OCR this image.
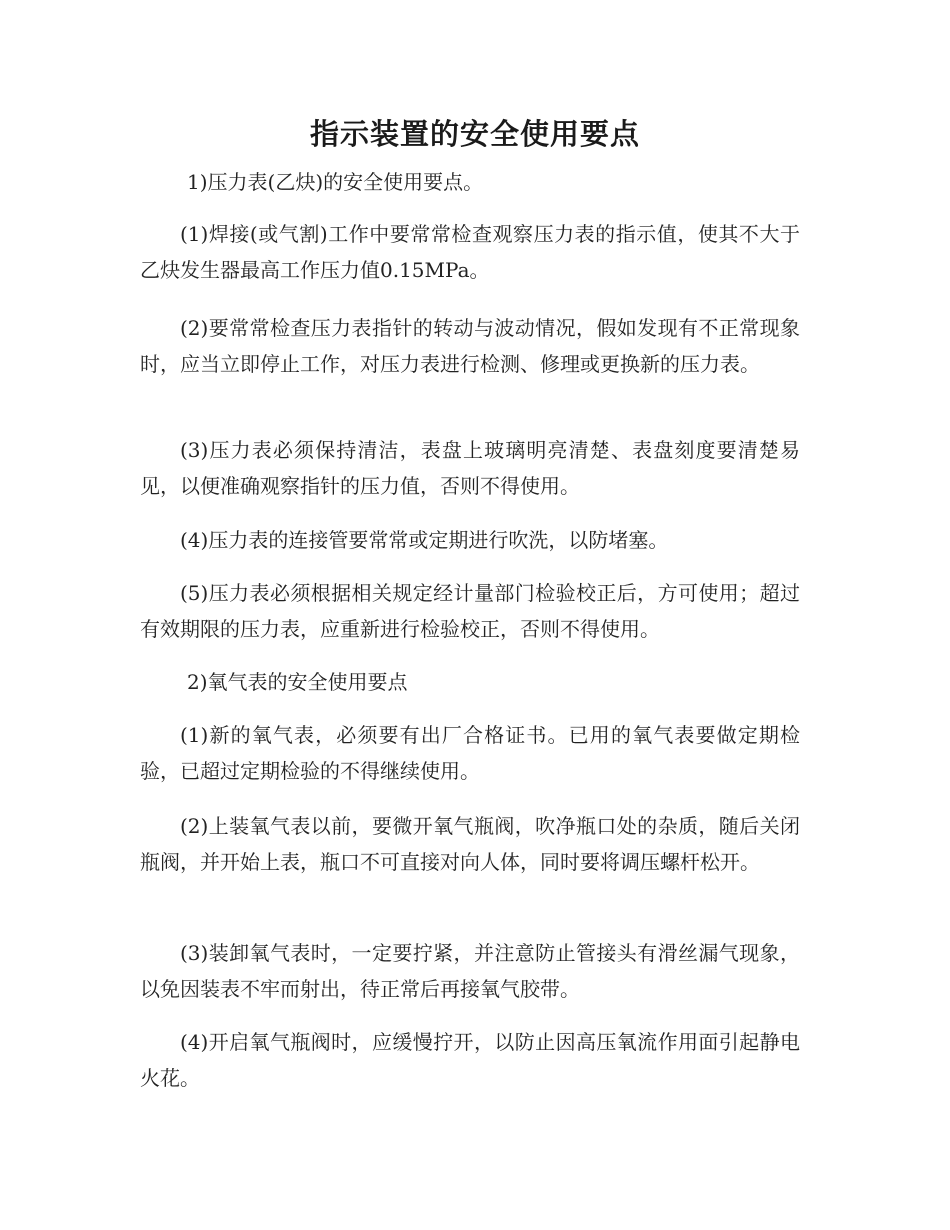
指示装置的安全使用要点
1)压力表(乙炔)的安全使用要点。
(1)焊接(或气割)工作中要常常检查观察压力表的指示值，使其不大于乙炔发生器最高工作压力值0.15MPa。
(2)要常常检查压力表指针的转动与波动情况，假如发现有不正常现象时，应当立即停止工作，对压力表进行检测、修理或更换新的压力表。
(3)压力表必须保持清洁，表盘上玻璃明亮清楚、表盘刻度要清楚易见，以便准确观察指针的压力值，否则不得使用。
(4)压力表的连接管要常常或定期进行吹洗，以防堵塞。
(5)压力表必须根据相关规定经计量部门检验校正后，方可使用；超过有效期限的压力表，应重新进行检验校正，否则不得使用。
2)氧气表的安全使用要点
(1)新的氧气表，必须要有出厂合格证书。已用的氧气表要做定期检验，已超过定期检验的不得继续使用。
(2)上装氧气表以前，要微开氧气瓶阀，吹净瓶口处的杂质，随后关闭瓶阀，并开始上表，瓶口不可直接对向人体，同时要将调压螺杆松开。
(3)装卸氧气表时，一定要拧紧，并注意防止管接头有滑丝漏气现象，以免因装表不牢而射出，待正常后再接氧气胶带。
(4)开启氧气瓶阀时，应缓慢拧开，以防止因高压氧流作用面引起静电火花。
